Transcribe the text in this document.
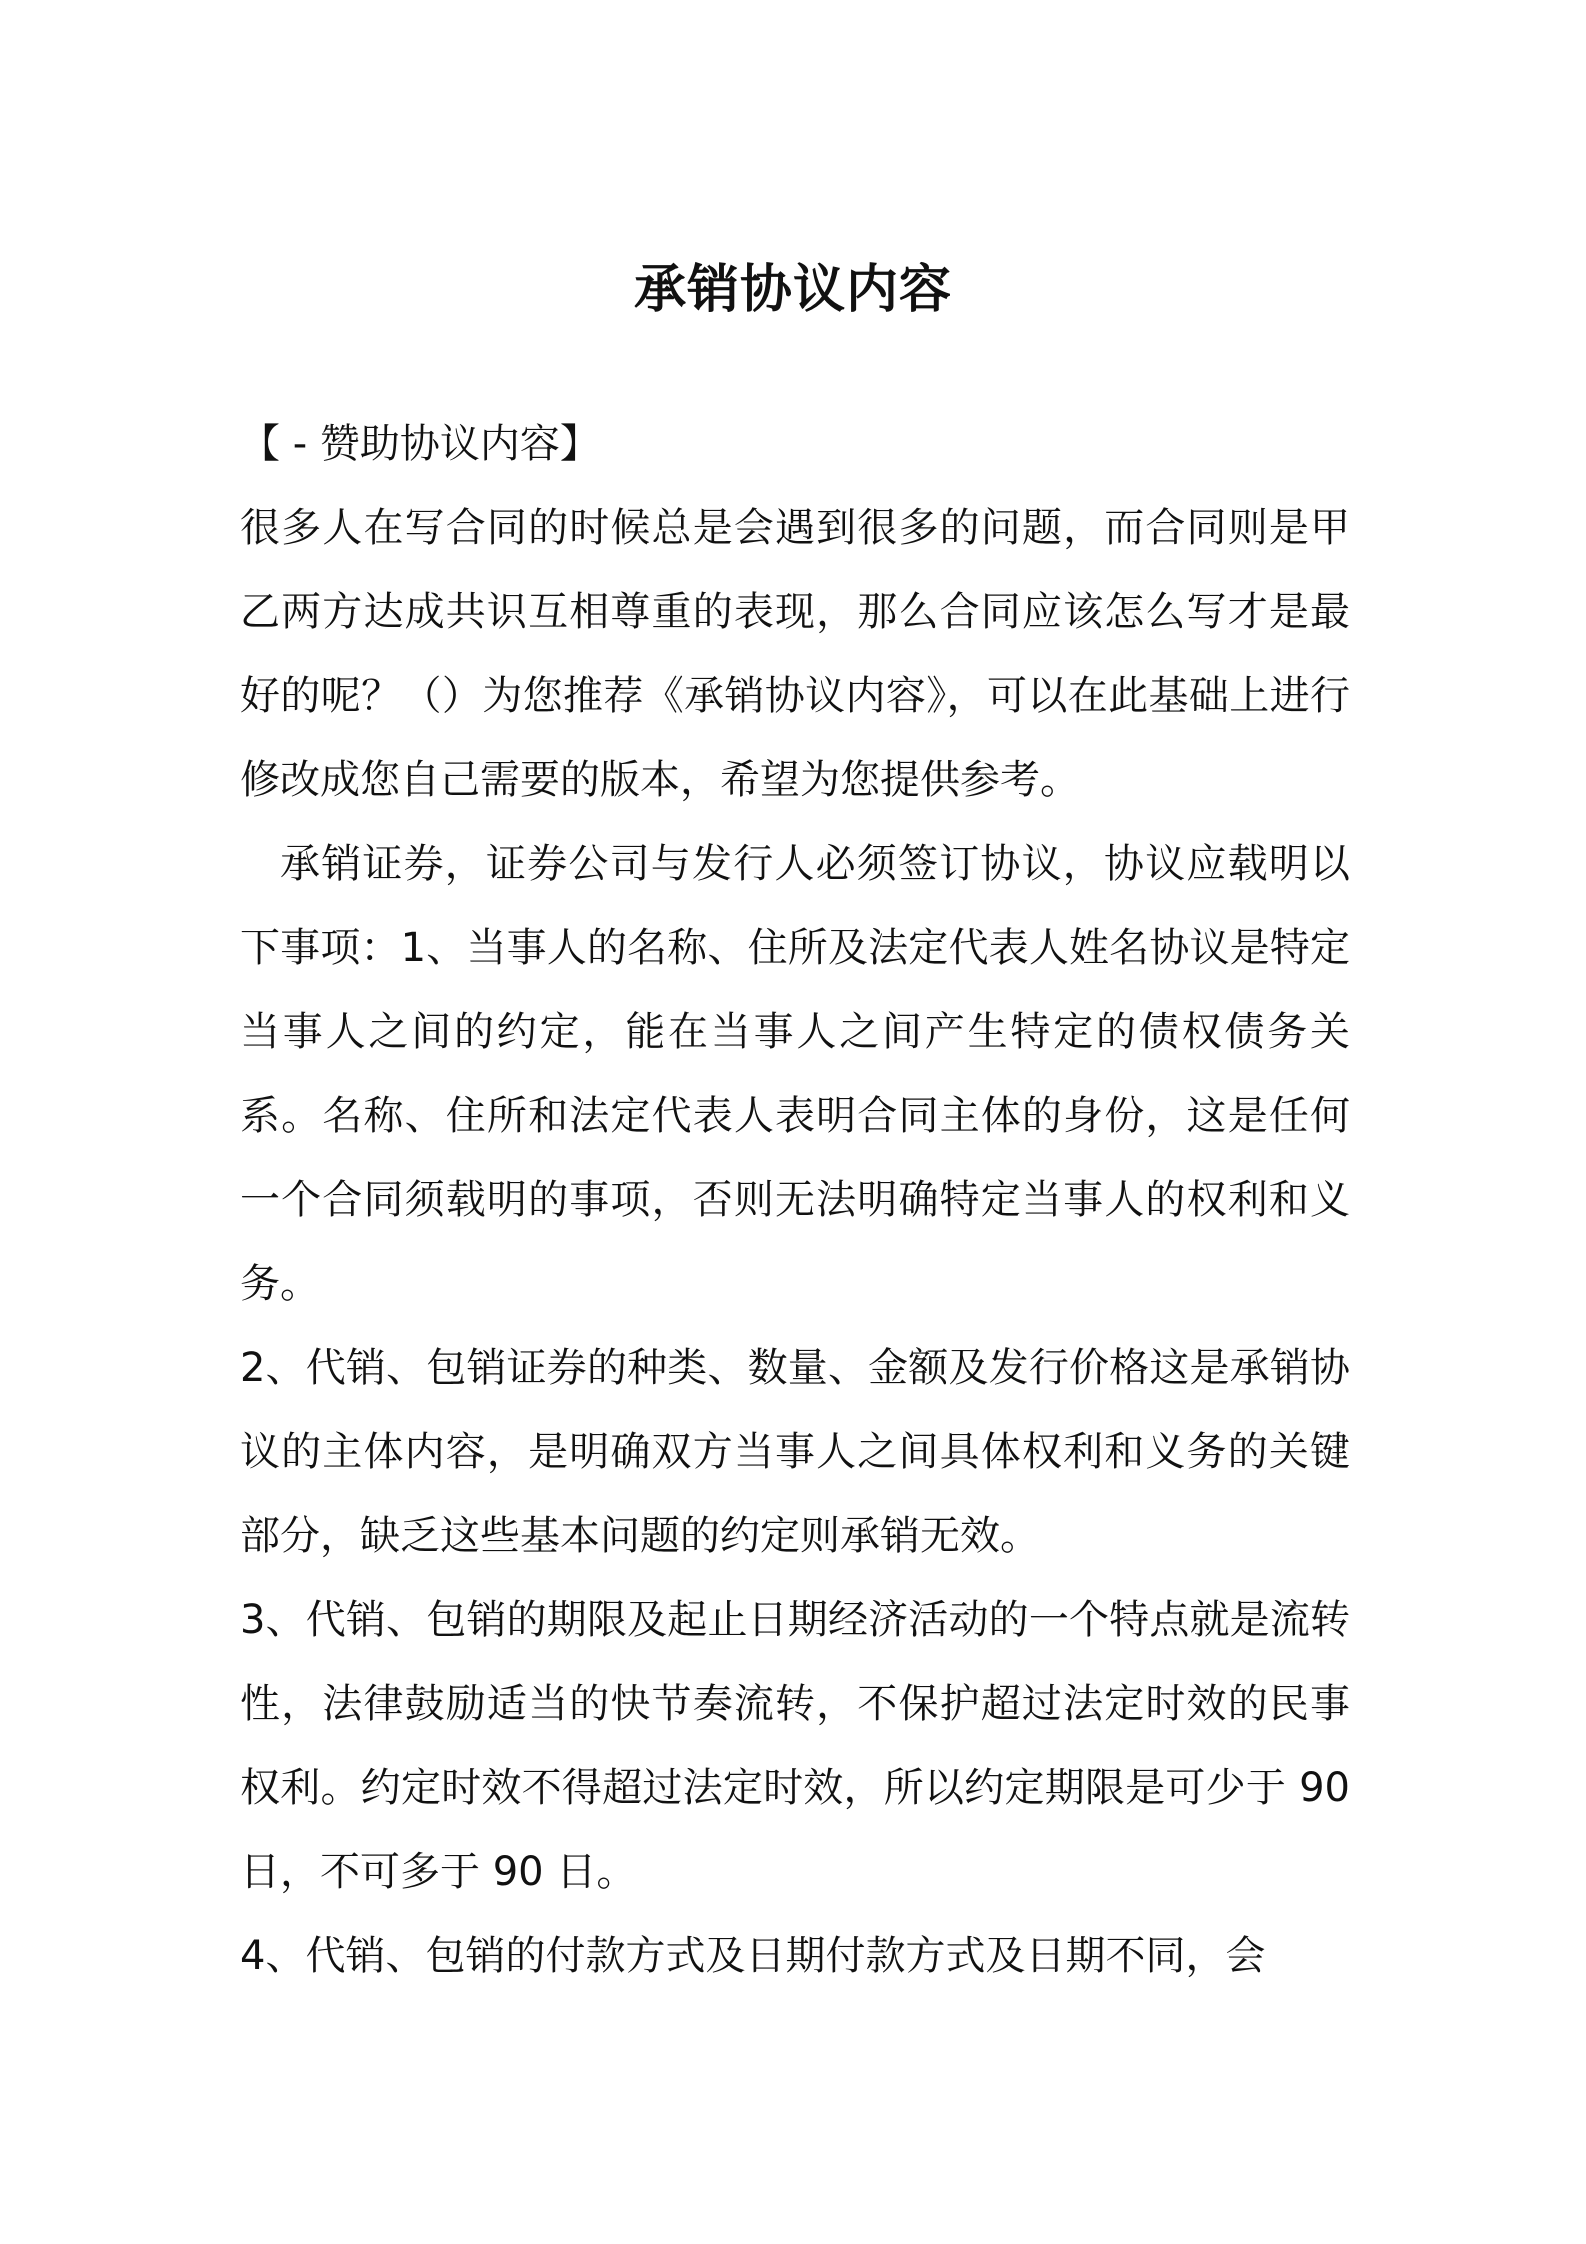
承销协议内容

【 - 赞助协议内容】

很多人在写合同的时候总是会遇到很多的问题，而合同则是甲乙两方达成共识互相尊重的表现，那么合同应该怎么写才是最好的呢？（）为您推荐《承销协议内容》，可以在此基础上进行修改成您自己需要的版本，希望为您提供参考。

承销证券，证券公司与发行人必须签订协议，协议应载明以下事项：1、当事人的名称、住所及法定代表人姓名协议是特定当事人之间的约定，能在当事人之间产生特定的债权债务关系。名称、住所和法定代表人表明合同主体的身份，这是任何一个合同须载明的事项，否则无法明确特定当事人的权利和义务。

2、代销、包销证券的种类、数量、金额及发行价格这是承销协议的主体内容，是明确双方当事人之间具体权利和义务的关键部分，缺乏这些基本问题的约定则承销无效。

3、代销、包销的期限及起止日期经济活动的一个特点就是流转性，法律鼓励适当的快节奏流转，不保护超过法定时效的民事权利。约定时效不得超过法定时效，所以约定期限是可少于 90 日，不可多于 90 日。

4、代销、包销的付款方式及日期付款方式及日期不同，会
